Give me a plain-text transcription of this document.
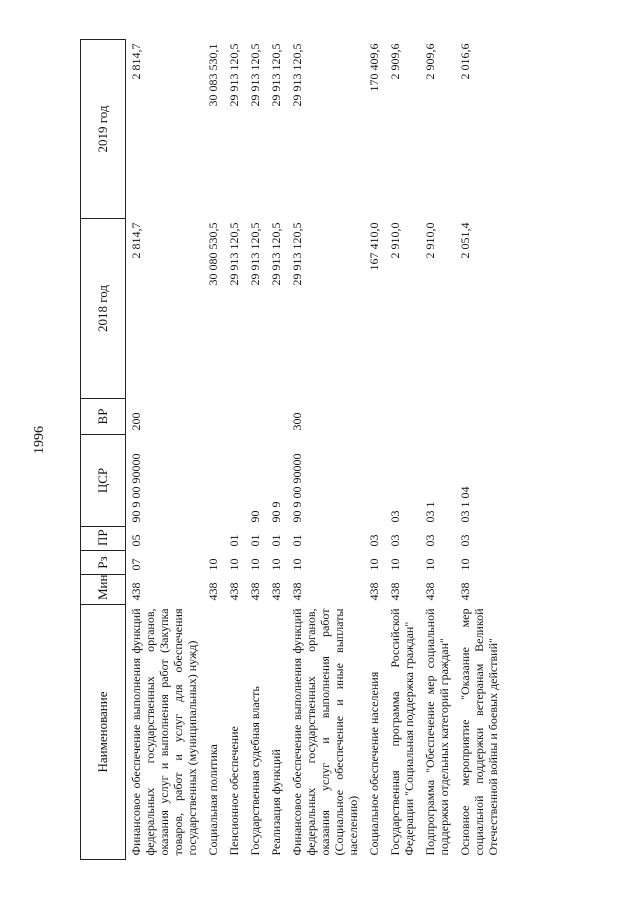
1996
Наименование	Мин	Рз	ПР	ЦСР	ВР	2018 год	2019 год
Финансовое обеспечение выполнения функций федеральных государственных органов, оказания услуг и выполнения работ (Закупка товаров, работ и услуг для обеспечения государственных (муниципальных) нужд)	438	07	05	90 9 00 90000	200	2 814,7	2 814,7
Социальная политика	438	10				30 080 530,5	30 083 530,1
Пенсионное обеспечение	438	10	01			29 913 120,5	29 913 120,5
Государственная судебная власть	438	10	01	90		29 913 120,5	29 913 120,5
Реализация функций	438	10	01	90 9		29 913 120,5	29 913 120,5
Финансовое обеспечение выполнения функций федеральных государственных органов, оказания услуг и выполнения работ (Социальное обеспечение и иные выплаты населению)	438	10	01	90 9 00 90000	300	29 913 120,5	29 913 120,5
Социальное обеспечение населения	438	10	03			167 410,0	170 409,6
Государственная программа Российской Федерации "Социальная поддержка граждан"	438	10	03	03		2 910,0	2 909,6
Подпрограмма "Обеспечение мер социальной поддержки отдельных категорий граждан"	438	10	03	03 1		2 910,0	2 909,6
Основное мероприятие "Оказание мер социальной поддержки ветеранам Великой Отечественной войны и боевых действий"	438	10	03	03 1 04		2 051,4	2 016,6
